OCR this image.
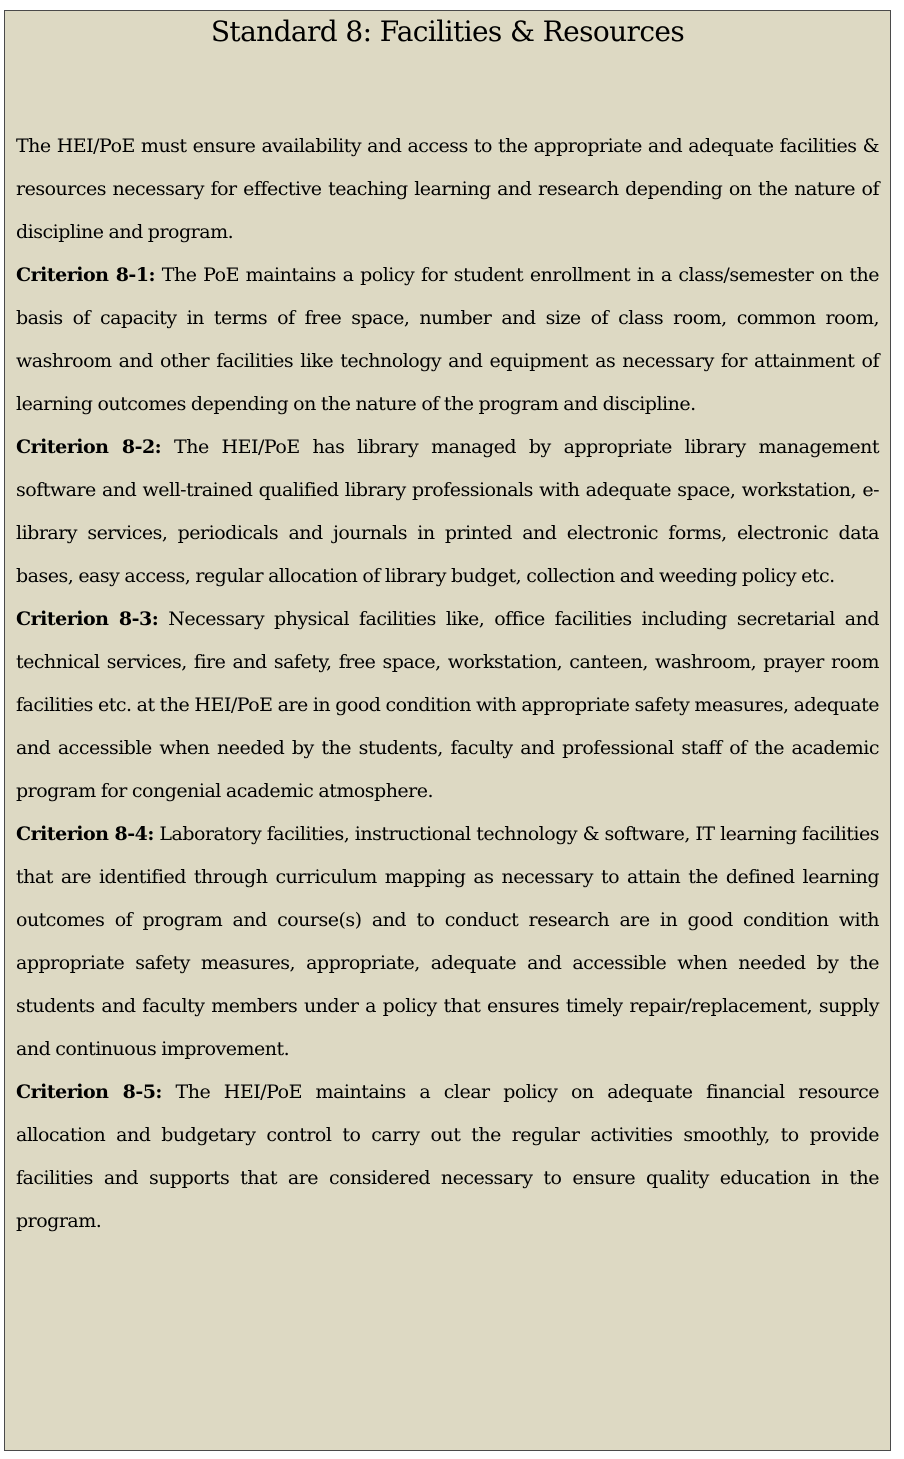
Standard 8: Facilities & Resources

The HEI/PoE must ensure availability and access to the appropriate and adequate facilities & resources necessary for effective teaching learning and research depending on the nature of discipline and program.

Criterion 8-1: The PoE maintains a policy for student enrollment in a class/semester on the basis of capacity in terms of free space, number and size of class room, common room, washroom and other facilities like technology and equipment as necessary for attainment of learning outcomes depending on the nature of the program and discipline.

Criterion 8-2: The HEI/PoE has library managed by appropriate library management software and well-trained qualified library professionals with adequate space, workstation, e-library services, periodicals and journals in printed and electronic forms, electronic data bases, easy access, regular allocation of library budget, collection and weeding policy etc.

Criterion 8-3: Necessary physical facilities like, office facilities including secretarial and technical services, fire and safety, free space, workstation, canteen, washroom, prayer room facilities etc. at the HEI/PoE are in good condition with appropriate safety measures, adequate and accessible when needed by the students, faculty and professional staff of the academic program for congenial academic atmosphere.

Criterion 8-4: Laboratory facilities, instructional technology & software, IT learning facilities that are identified through curriculum mapping as necessary to attain the defined learning outcomes of program and course(s) and to conduct research are in good condition with appropriate safety measures, appropriate, adequate and accessible when needed by the students and faculty members under a policy that ensures timely repair/replacement, supply and continuous improvement.

Criterion 8-5: The HEI/PoE maintains a clear policy on adequate financial resource allocation and budgetary control to carry out the regular activities smoothly, to provide facilities and supports that are considered necessary to ensure quality education in the program.
